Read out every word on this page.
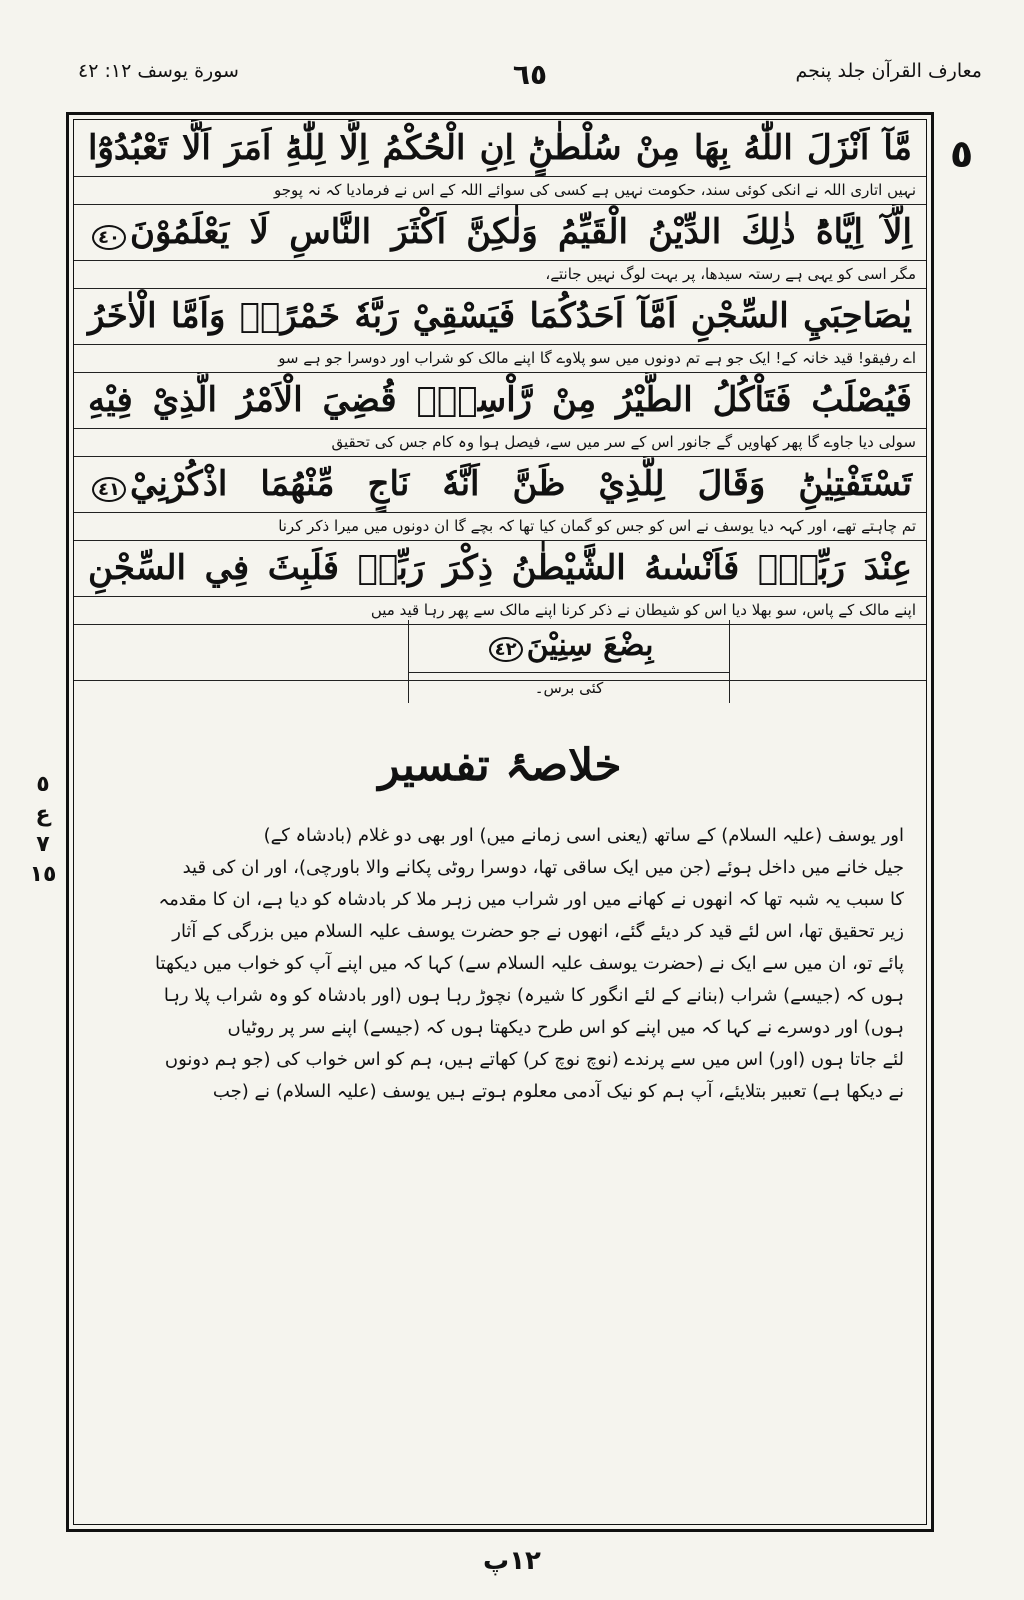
سورة یوسف ١٢: ٤٢	٦٥	معارف القرآن جلد پنجم
٥
مَّآ اَنْزَلَ اللّٰهُ بِهَا مِنْ سُلْطٰنٍؕ اِنِ الْحُكْمُ اِلَّا لِلّٰهِؕ اَمَرَ اَلَّا تَعْبُدُوْٓا
نہیں اتاری اللہ نے انکی کوئی سند، حکومت نہیں ہے کسی کی سوائے اللہ کے اس نے فرمادیا کہ نہ پوجو
اِلَّآ اِيَّاهُؕ ذٰلِكَ الدِّيْنُ الْقَيِّمُ وَلٰكِنَّ اَكْثَرَ النَّاسِ لَا يَعْلَمُوْنَ٤٠
مگر اسی کو یہی ہے رستہ سیدھا، پر بہت لوگ نہیں جانتے،
يٰصَاحِبَيِ السِّجْنِ اَمَّآ اَحَدُكُمَا فَيَسْقِيْ رَبَّهٗ خَمْرًاۚ وَاَمَّا الْاٰخَرُ
اے رفیقو! قید خانہ کے! ایک جو ہے تم دونوں میں سو پلاوے گا اپنے مالک کو شراب اور دوسرا جو ہے سو
فَيُصْلَبُ فَتَاْكُلُ الطَّيْرُ مِنْ رَّاْسِهٖؕ قُضِيَ الْاَمْرُ الَّذِيْ فِيْهِ
سولی دیا جاوے گا پھر کھاویں گے جانور اس کے سر میں سے، فیصل ہوا وہ کام جس کی تحقیق
تَسْتَفْتِيٰنِؕ وَقَالَ لِلَّذِيْ ظَنَّ اَنَّهٗ نَاجٍ مِّنْهُمَا اذْكُرْنِيْ٤١
تم چاہتے تھے، اور کہہ دیا یوسف نے اس کو جس کو گمان کیا تھا کہ بچے گا ان دونوں میں میرا ذکر کرنا
عِنْدَ رَبِّكَ٘ فَاَنْسٰىهُ الشَّيْطٰنُ ذِكْرَ رَبِّهٖ فَلَبِثَ فِي السِّجْنِ
اپنے مالک کے پاس، سو بھلا دیا اس کو شیطان نے ذکر کرنا اپنے مالک سے پھر رہا قید میں
خلاصۂ تفسیر

اور یوسف (علیہ السلام) کے ساتھ (یعنی اسی زمانے میں) اور بھی دو غلام (بادشاہ کے)

جیل خانے میں داخل ہوئے (جن میں ایک ساقی تھا، دوسرا روٹی پکانے والا باورچی)، اور ان کی قید

کا سبب یہ شبہ تھا کہ انھوں نے کھانے میں اور شراب میں زہر ملا کر بادشاہ کو دیا ہے، ان کا مقدمہ

زیر تحقیق تھا، اس لئے قید کر دیئے گئے، انھوں نے جو حضرت یوسف علیہ السلام میں بزرگی کے آثار

پائے تو، ان میں سے ایک نے (حضرت یوسف علیہ السلام سے) کہا کہ میں اپنے آپ کو خواب میں دیکھتا

ہوں کہ (جیسے) شراب (بنانے کے لئے انگور کا شیرہ) نچوڑ رہا ہوں (اور بادشاہ کو وہ شراب پلا رہا

ہوں) اور دوسرے نے کہا کہ میں اپنے کو اس طرح دیکھتا ہوں کہ (جیسے) اپنے سر پر روٹیاں

لئے جاتا ہوں (اور) اس میں سے پرندے (نوچ نوچ کر) کھاتے ہیں، ہم کو اس خواب کی (جو ہم دونوں

نے دیکھا ہے) تعبیر بتلایئے، آپ ہم کو نیک آدمی معلوم ہوتے ہیں یوسف (علیہ السلام) نے (جب

بِضْعَ سِنِيْنَ٤٢
کئی برس۔
٥
ع
٧
١٥
١٢پ
